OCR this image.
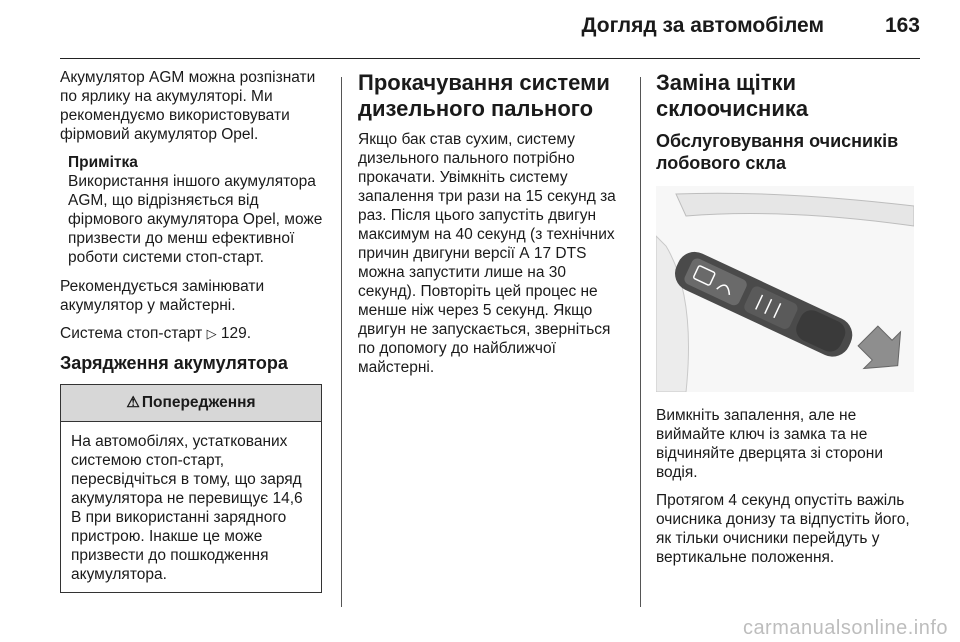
Догляд за автомобілем	163

Акумулятор AGM можна розпізнати по ярлику на акумуляторі. Ми рекомендуємо використовувати фірмовий акумулятор Opel.

Примітка
Використання іншого акумулятора AGM, що відрізняється від фірмового акумулятора Opel, може призвести до менш ефективної роботи системи стоп-старт.

Рекомендується замінювати акумулятор у майстерні.

Система стоп-старт ▷ 129.

Зарядження акумулятора
⚠ Попередження
На автомобілях, устаткованих системою стоп-старт, пересвідчіться в тому, що заряд акумулятора не перевищує 14,6 В при використанні зарядного пристрою. Інакше це може призвести до пошкодження акумулятора.
Прокачування системи дизельного пального

Якщо бак став сухим, систему дизельного пального потрібно прокачати. Увімкніть систему запалення три рази на 15 секунд за раз. Після цього запустіть двигун максимум на 40 секунд (з технічних причин двигуни версії А 17 DTS можна запустити лише на 30 секунд). Повторіть цей процес не менше ніж через 5 секунд. Якщо двигун не запускається, зверніться по допомогу до найближчої майстерні.

Заміна щітки склоочисника
Обслуговування очисників лобового скла

Вимкніть запалення, але не виймайте ключ із замка та не відчиняйте дверцята зі сторони водія.

Протягом 4 секунд опустіть важіль очисника донизу та відпустіть його, як тільки очисники перейдуть у вертикальне положення.

carmanualsonline.info
